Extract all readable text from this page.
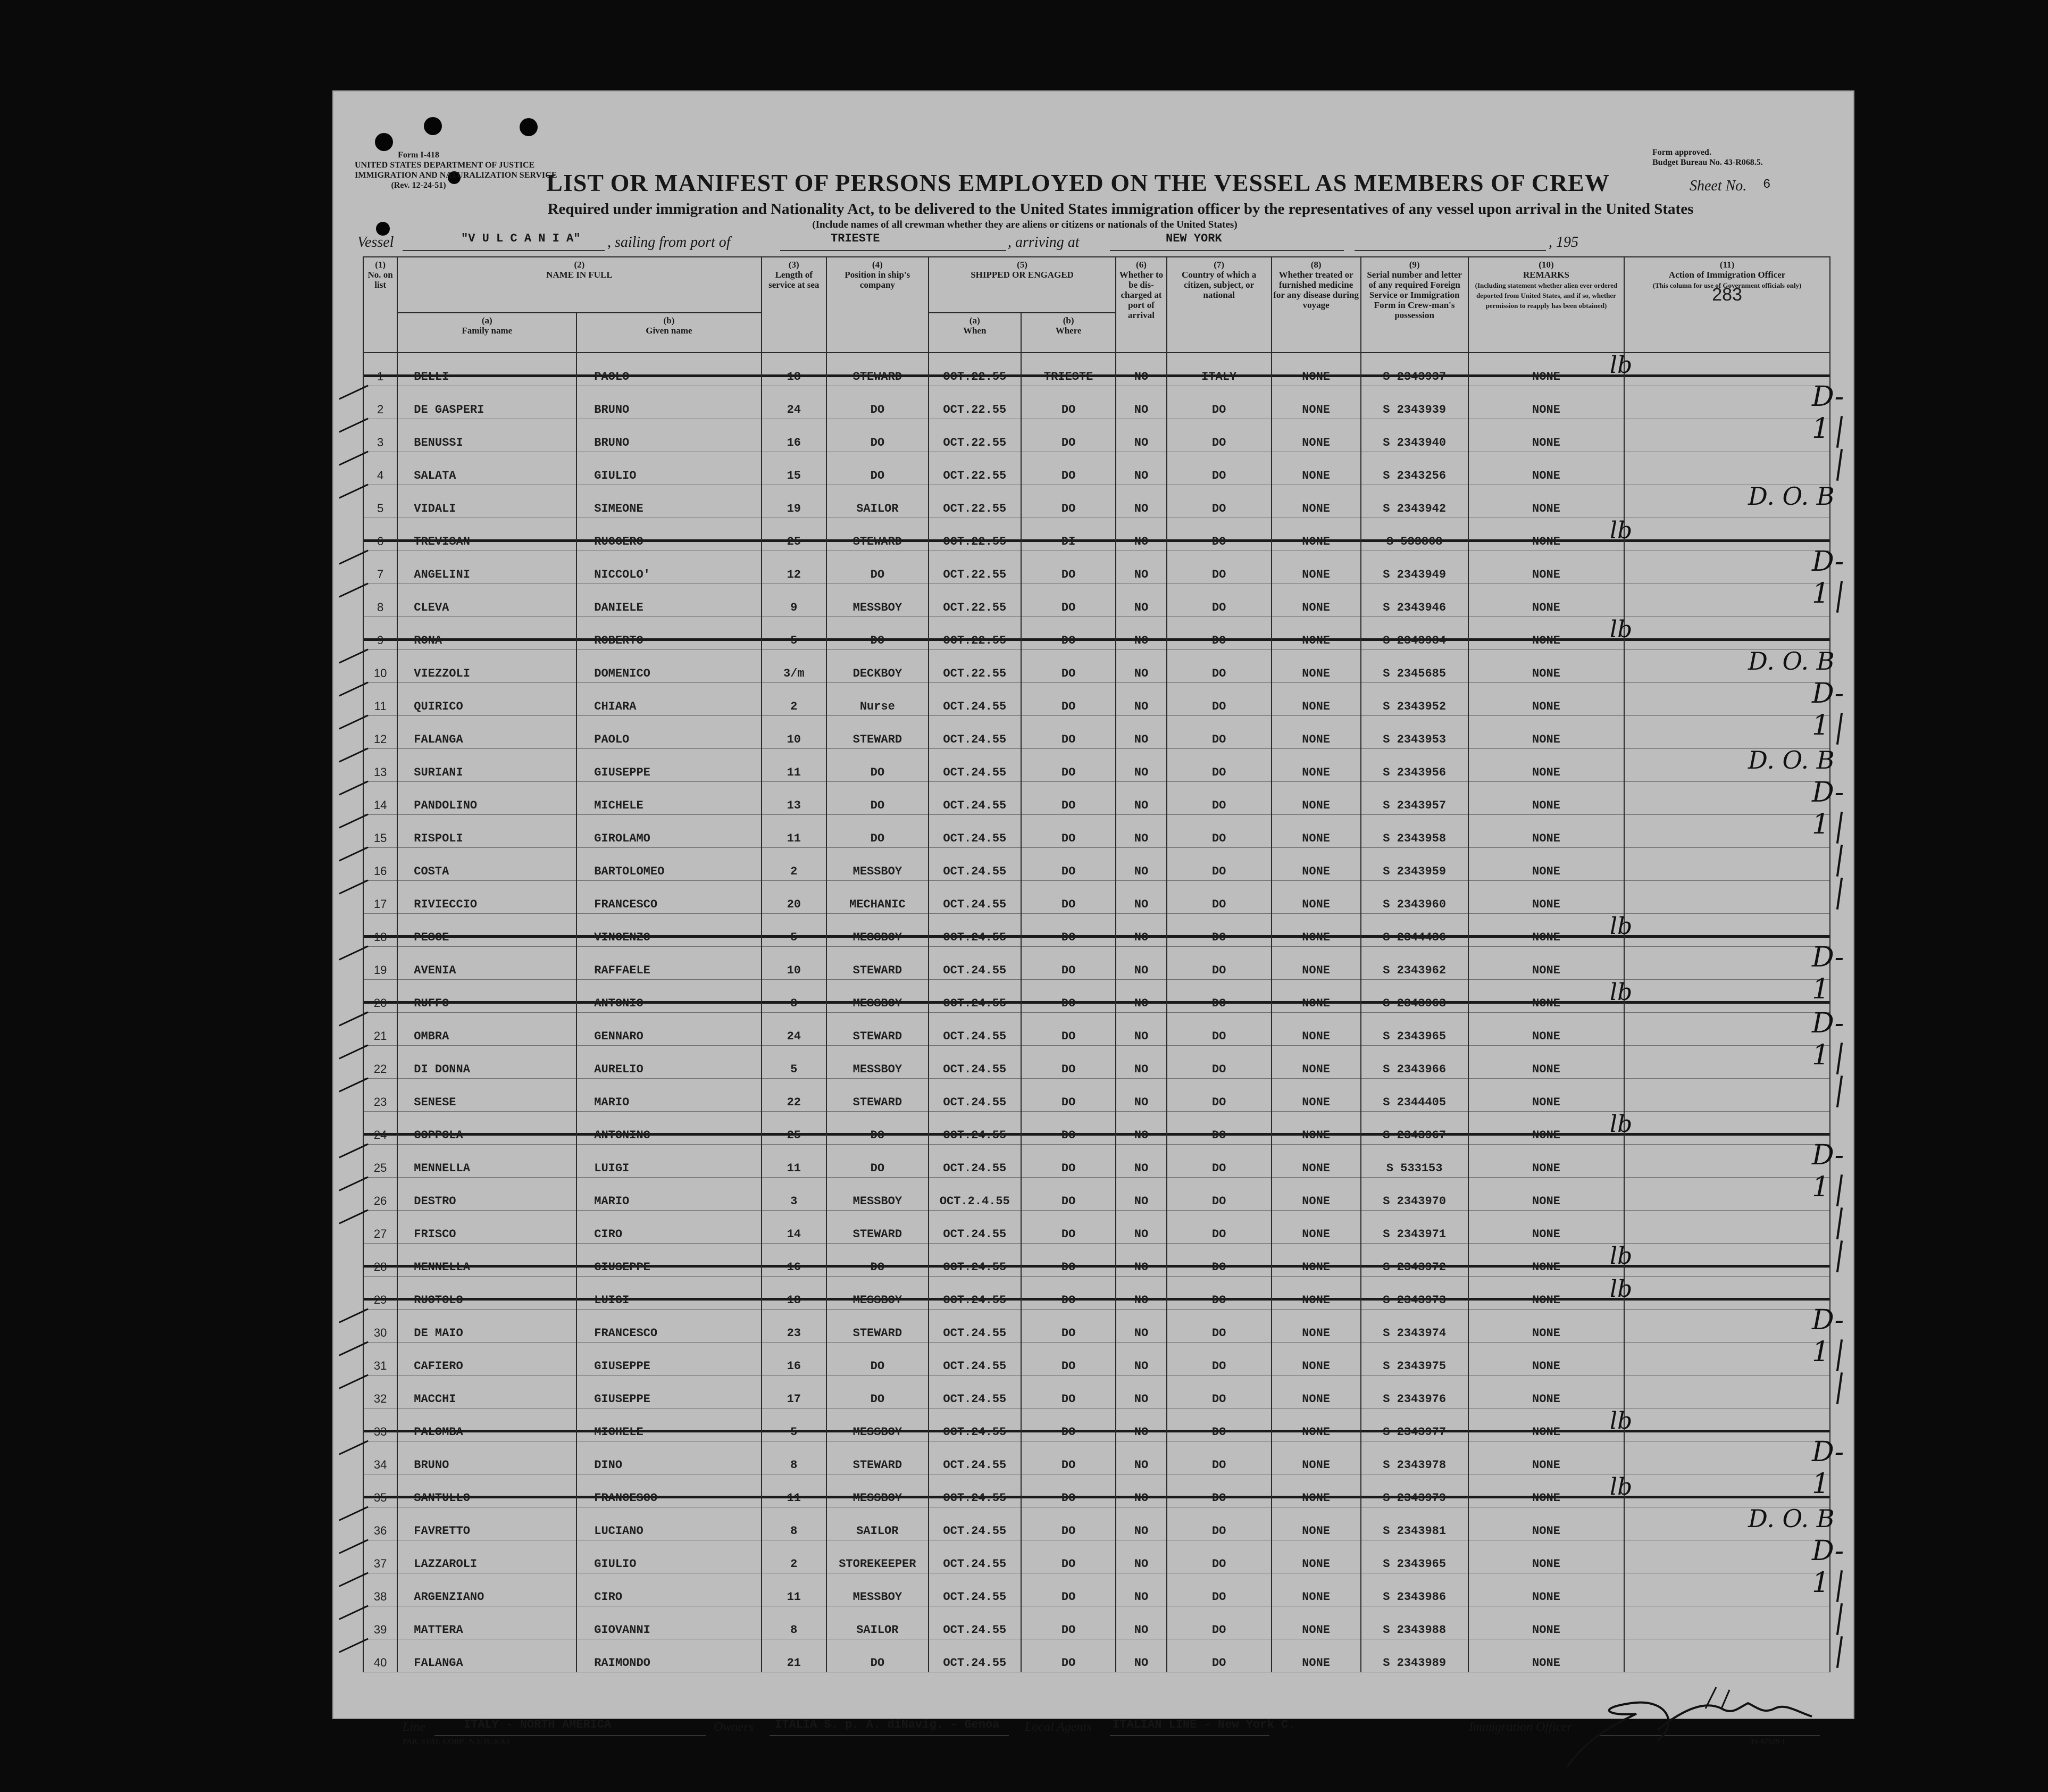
Form I-418
UNITED STATES DEPARTMENT OF JUSTICE
IMMIGRATION AND NATURALIZATION SERVICE
(Rev. 12-24-51)
Form approved.
Budget Bureau No. 43-R068.5.
LIST OR MANIFEST OF PERSONS EMPLOYED ON THE VESSEL AS MEMBERS OF CREW	Sheet No. 6
Required under immigration and Nationality Act, to be delivered to the United States immigration officer by the representatives of any vessel upon arrival in the United States
(Include names of all crewman whether they are aliens or citizens or nationals of the United States)
Vessel	"V U L C A N I A" , sailing from port of	TRIESTE	, arriving at	NEW YORK	, 195
(1)
No. on list	(2)
NAME IN FULL		(3)
Length of service at sea	(4)
Position in ship's company	(5)
SHIPPED OR ENGAGED		(6)
Whether to be dis-charged at port of arrival	(7)
Country of which a citizen, subject, or national	(8)
Whether treated or furnished medicine for any disease during voyage	(9)
Serial number and letter of any required Foreign Service or Immigration Form in Crew-man's possession	(10)
REMARKS
(Including statement whether alien ever ordered deported from United States, and if so, whether permission to reapply has been obtained)	(11)
Action of Immigration Officer
(This column for use of Government officials only)
283
	(a)
Family name	(b)
Given name			(a)
When	(b)
Where						
1	BELLI	PAOLO	18	STEWARD	OCT.22.55	TRIESTE	NO	ITALY	NONE	S 2343937	NONE	
2	DE GASPERI	BRUNO	24	DO	OCT.22.55	DO	NO	DO	NONE	S 2343939	NONE	
3	BENUSSI	BRUNO	16	DO	OCT.22.55	DO	NO	DO	NONE	S 2343940	NONE	
4	SALATA	GIULIO	15	DO	OCT.22.55	DO	NO	DO	NONE	S 2343256	NONE	
5	VIDALI	SIMEONE	19	SAILOR	OCT.22.55	DO	NO	DO	NONE	S 2343942	NONE	
6	TREVISAN	RUGGERO	25	STEWARD	OCT.22.55	DI	NO	DO	NONE	S 533868	NONE	
7	ANGELINI	NICCOLO'	12	DO	OCT.22.55	DO	NO	DO	NONE	S 2343949	NONE	
8	CLEVA	DANIELE	9	MESSBOY	OCT.22.55	DO	NO	DO	NONE	S 2343946	NONE	
9	RONA	ROBERTO	5	DO	OCT.22.55	DO	NO	DO	NONE	S 2343984	NONE	
10	VIEZZOLI	DOMENICO	3/m	DECKBOY	OCT.22.55	DO	NO	DO	NONE	S 2345685	NONE	
11	QUIRICO	CHIARA	2	Nurse	OCT.24.55	DO	NO	DO	NONE	S 2343952	NONE	
12	FALANGA	PAOLO	10	STEWARD	OCT.24.55	DO	NO	DO	NONE	S 2343953	NONE	
13	SURIANI	GIUSEPPE	11	DO	OCT.24.55	DO	NO	DO	NONE	S 2343956	NONE	
14	PANDOLINO	MICHELE	13	DO	OCT.24.55	DO	NO	DO	NONE	S 2343957	NONE	
15	RISPOLI	GIROLAMO	11	DO	OCT.24.55	DO	NO	DO	NONE	S 2343958	NONE	
16	COSTA	BARTOLOMEO	2	MESSBOY	OCT.24.55	DO	NO	DO	NONE	S 2343959	NONE	
17	RIVIECCIO	FRANCESCO	20	MECHANIC	OCT.24.55	DO	NO	DO	NONE	S 2343960	NONE	
18	PESCE	VINCENZO	5	MESSBOY	OCT.24.55	DO	NO	DO	NONE	S 2344436	NONE	
19	AVENIA	RAFFAELE	10	STEWARD	OCT.24.55	DO	NO	DO	NONE	S 2343962	NONE	
20	RUFFO	ANTONIO	8	MESSBOY	OCT.24.55	DO	NO	DO	NONE	S 2343963	NONE	
21	OMBRA	GENNARO	24	STEWARD	OCT.24.55	DO	NO	DO	NONE	S 2343965	NONE	
22	DI DONNA	AURELIO	5	MESSBOY	OCT.24.55	DO	NO	DO	NONE	S 2343966	NONE	
23	SENESE	MARIO	22	STEWARD	OCT.24.55	DO	NO	DO	NONE	S 2344405	NONE	
24	COPPOLA	ANTONINO	25	DO	OCT.24.55	DO	NO	DO	NONE	S 2343967	NONE	
25	MENNELLA	LUIGI	11	DO	OCT.24.55	DO	NO	DO	NONE	S 533153	NONE	
26	DESTRO	MARIO	3	MESSBOY	OCT.2.4.55	DO	NO	DO	NONE	S 2343970	NONE	
27	FRISCO	CIRO	14	STEWARD	OCT.24.55	DO	NO	DO	NONE	S 2343971	NONE	
28	MENNELLA	GIUSEPPE	16	DO	OCT.24.55	DO	NO	DO	NONE	S 2343972	NONE	
29	RUOTOLO	LUIGI	18	MESSBOY	OCT.24.55	DO	NO	DO	NONE	S 2343973	NONE	
30	DE MAIO	FRANCESCO	23	STEWARD	OCT.24.55	DO	NO	DO	NONE	S 2343974	NONE	
31	CAFIERO	GIUSEPPE	16	DO	OCT.24.55	DO	NO	DO	NONE	S 2343975	NONE	
32	MACCHI	GIUSEPPE	17	DO	OCT.24.55	DO	NO	DO	NONE	S 2343976	NONE	
33	PALOMBA	MICHELE	5	MESSBOY	OCT.24.55	DO	NO	DO	NONE	S 2343977	NONE	
34	BRUNO	DINO	8	STEWARD	OCT.24.55	DO	NO	DO	NONE	S 2343978	NONE	
35	SANTULLO	FRANCESCO	11	MESSBOY	OCT.24.55	DO	NO	DO	NONE	S 2343979	NONE	
36	FAVRETTO	LUCIANO	8	SAILOR	OCT.24.55	DO	NO	DO	NONE	S 2343981	NONE	
37	LAZZAROLI	GIULIO	2	STOREKEEPER	OCT.24.55	DO	NO	DO	NONE	S 2343965	NONE	
38	ARGENZIANO	CIRO	11	MESSBOY	OCT.24.55	DO	NO	DO	NONE	S 2343986	NONE	
39	MATTERA	GIOVANNI	8	SAILOR	OCT.24.55	DO	NO	DO	NONE	S 2343988	NONE	
40	FALANGA	RAIMONDO	21	DO	OCT.24.55	DO	NO	DO	NONE	S 2343989	NONE	
Line	ITALY - NORTH AMERICA	Owners ITALIA S. p. A. diNavig. - Genoa Local Agents ITALIAN LINE - New York C.	Immigration Officer
PAR. STAT. CORP., N.Y. (U.S.A.)	16-67529-1
lb
D-1
D. O. B
lb
D-1
lb
D. O. B
D-1
D. O. B
D-1
lb
D-1
lb
D-1
lb
D-1
lb
lb
D-1
lb
D-1
lb
D. O. B
D-1
